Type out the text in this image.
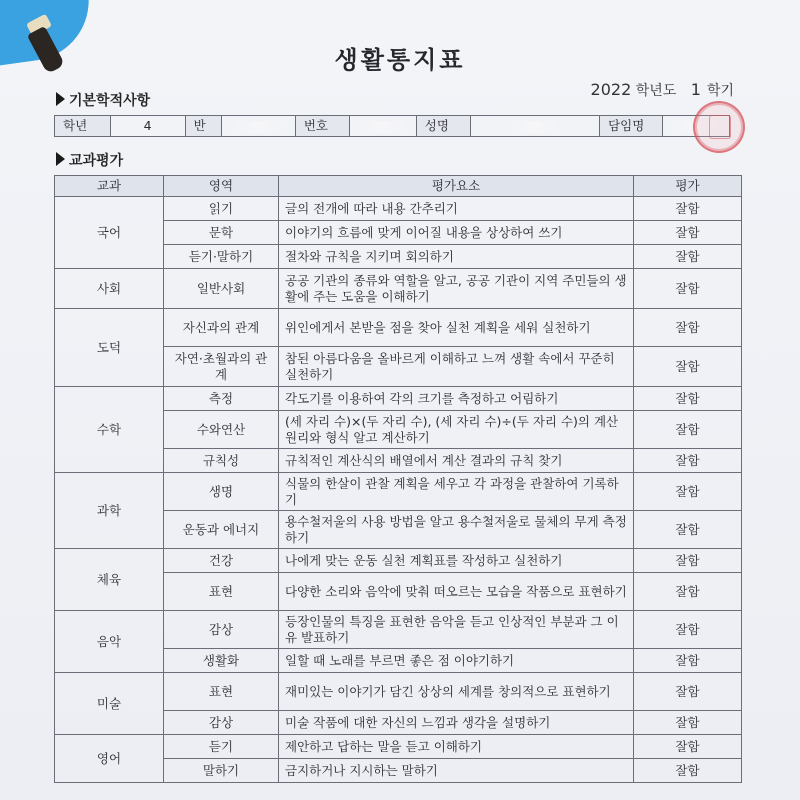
생활통지표
2022 학년도 1 학기
기본학적사항
학년	4	반		번호		성명		담임명	
교과평가
교과	영역	평가요소	평가
국어	읽기	글의 전개에 따라 내용 간추리기	잘함
	문학	이야기의 흐름에 맞게 이어질 내용을 상상하여 쓰기	잘함
	듣기·말하기	절차와 규칙을 지키며 회의하기	잘함
사회	일반사회	공공 기관의 종류와 역할을 알고, 공공 기관이 지역 주민들의 생활에 주는 도움을 이해하기	잘함
도덕	자신과의 관계	위인에게서 본받을 점을 찾아 실천 계획을 세워 실천하기	잘함
	자연·초월과의 관계	참된 아름다움을 올바르게 이해하고 느껴 생활 속에서 꾸준히 실천하기	잘함
수학	측정	각도기를 이용하여 각의 크기를 측정하고 어림하기	잘함
	수와연산	(세 자리 수)×(두 자리 수), (세 자리 수)÷(두 자리 수)의 계산 원리와 형식 알고 계산하기	잘함
	규칙성	규칙적인 계산식의 배열에서 계산 결과의 규칙 찾기	잘함
과학	생명	식물의 한살이 관찰 계획을 세우고 각 과정을 관찰하여 기록하기	잘함
	운동과 에너지	용수철저울의 사용 방법을 알고 용수철저울로 물체의 무게 측정하기	잘함
체육	건강	나에게 맞는 운동 실천 계획표를 작성하고 실천하기	잘함
	표현	다양한 소리와 음악에 맞춰 떠오르는 모습을 작품으로 표현하기	잘함
음악	감상	등장인물의 특징을 표현한 음악을 듣고 인상적인 부분과 그 이유 발표하기	잘함
	생활화	일할 때 노래를 부르면 좋은 점 이야기하기	잘함
미술	표현	재미있는 이야기가 담긴 상상의 세계를 창의적으로 표현하기	잘함
	감상	미술 작품에 대한 자신의 느낌과 생각을 설명하기	잘함
영어	듣기	제안하고 답하는 말을 듣고 이해하기	잘함
	말하기	금지하거나 지시하는 말하기	잘함
